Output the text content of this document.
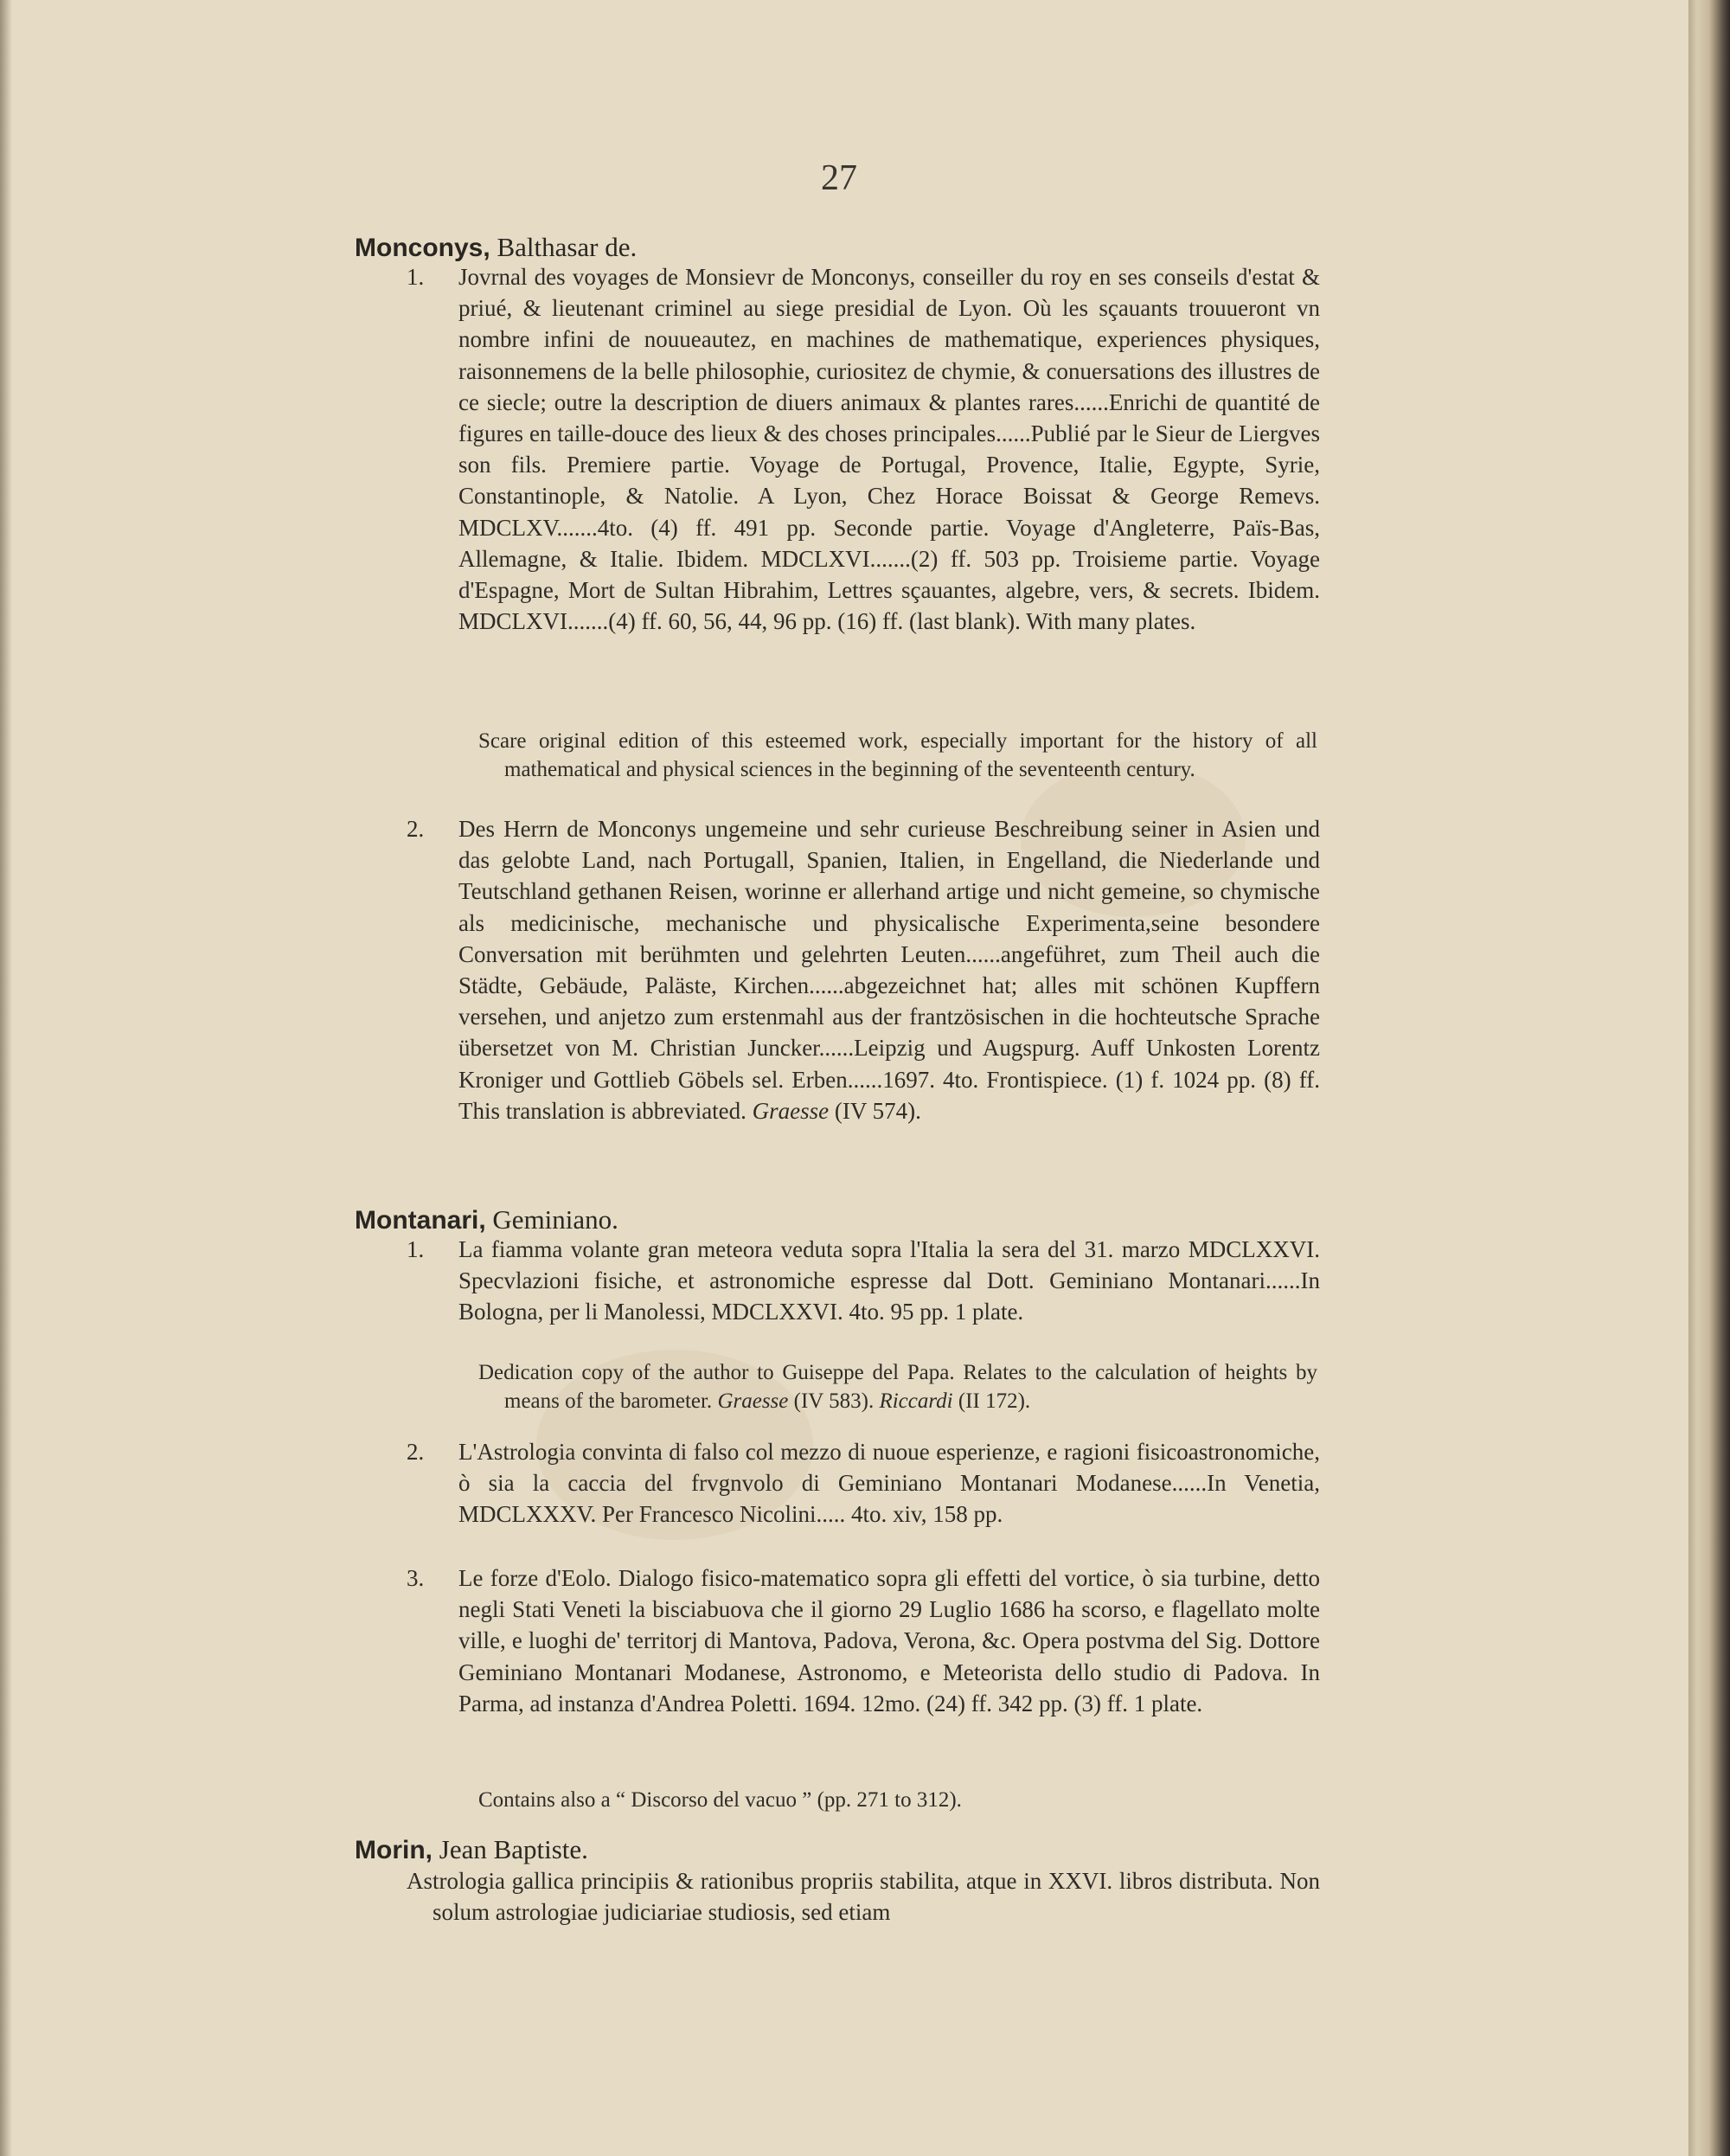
27
Monconys, Balthasar de.
1. Jovrnal des voyages de Monsievr de Monconys, conseiller du roy en ses conseils d'estat & priué, & lieutenant criminel au siege presidial de Lyon. Où les sçauants trouueront vn nombre infini de nouueautez, en machines de mathematique, experiences physiques, raisonnemens de la belle philosophie, curiositez de chymie, & conuersations des illustres de ce siecle; outre la description de diuers animaux & plantes rares......Enrichi de quantité de figures en taille-douce des lieux & des choses principales......Publié par le Sieur de Liergves son fils. Premiere partie. Voyage de Portugal, Provence, Italie, Egypte, Syrie, Constantinople, & Natolie. A Lyon, Chez Horace Boissat & George Remevs. MDCLXV.......4to. (4) ff. 491 pp. Seconde partie. Voyage d'Angleterre, Païs-Bas, Allemagne, & Italie. Ibidem. MDCLXVI.......(2) ff. 503 pp. Troisieme partie. Voyage d'Espagne, Mort de Sultan Hibrahim, Lettres sçauantes, algebre, vers, & secrets. Ibidem. MDCLXVI.......(4) ff. 60, 56, 44, 96 pp. (16) ff. (last blank). With many plates.
Scare original edition of this esteemed work, especially important for the history of all mathematical and physical sciences in the beginning of the seventeenth century.
2. Des Herrn de Monconys ungemeine und sehr curieuse Beschreibung seiner in Asien und das gelobte Land, nach Portugall, Spanien, Italien, in Engelland, die Niederlande und Teutschland gethanen Reisen, worinne er allerhand artige und nicht gemeine, so chymische als medicinische, mechanische und physicalische Experimenta,seine besondere Conversation mit berühmten und gelehrten Leuten......angeführet, zum Theil auch die Städte, Gebäude, Paläste, Kirchen......abgezeichnet hat; alles mit schönen Kupffern versehen, und anjetzo zum erstenmahl aus der frantzösischen in die hochteutsche Sprache übersetzet von M. Christian Juncker......Leipzig und Augspurg. Auff Unkosten Lorentz Kroniger und Gottlieb Göbels sel. Erben......1697. 4to. Frontispiece. (1) f. 1024 pp. (8) ff. This translation is abbreviated. Graesse (IV 574).
Montanari, Geminiano.
1. La fiamma volante gran meteora veduta sopra l'Italia la sera del 31. marzo MDCLXXVI. Specvlazioni fisiche, et astronomiche espresse dal Dott. Geminiano Montanari......In Bologna, per li Manolessi, MDCLXXVI. 4to. 95 pp. 1 plate.
Dedication copy of the author to Guiseppe del Papa. Relates to the calculation of heights by means of the barometer. Graesse (IV 583). Riccardi (II 172).
2. L'Astrologia convinta di falso col mezzo di nuoue esperienze, e ragioni fisicoastronomiche, ò sia la caccia del frvgnvolo di Geminiano Montanari Modanese......In Venetia, MDCLXXXV. Per Francesco Nicolini..... 4to. xiv, 158 pp.
3. Le forze d'Eolo. Dialogo fisico-matematico sopra gli effetti del vortice, ò sia turbine, detto negli Stati Veneti la bisciabuova che il giorno 29 Luglio 1686 ha scorso, e flagellato molte ville, e luoghi de' territorj di Mantova, Padova, Verona, &c. Opera postvma del Sig. Dottore Geminiano Montanari Modanese, Astronomo, e Meteorista dello studio di Padova. In Parma, ad instanza d'Andrea Poletti. 1694. 12mo. (24) ff. 342 pp. (3) ff. 1 plate.
Contains also a “ Discorso del vacuo ” (pp. 271 to 312).
Morin, Jean Baptiste.
Astrologia gallica principiis & rationibus propriis stabilita, atque in XXVI. libros distributa. Non solum astrologiae judiciariae studiosis, sed etiam
